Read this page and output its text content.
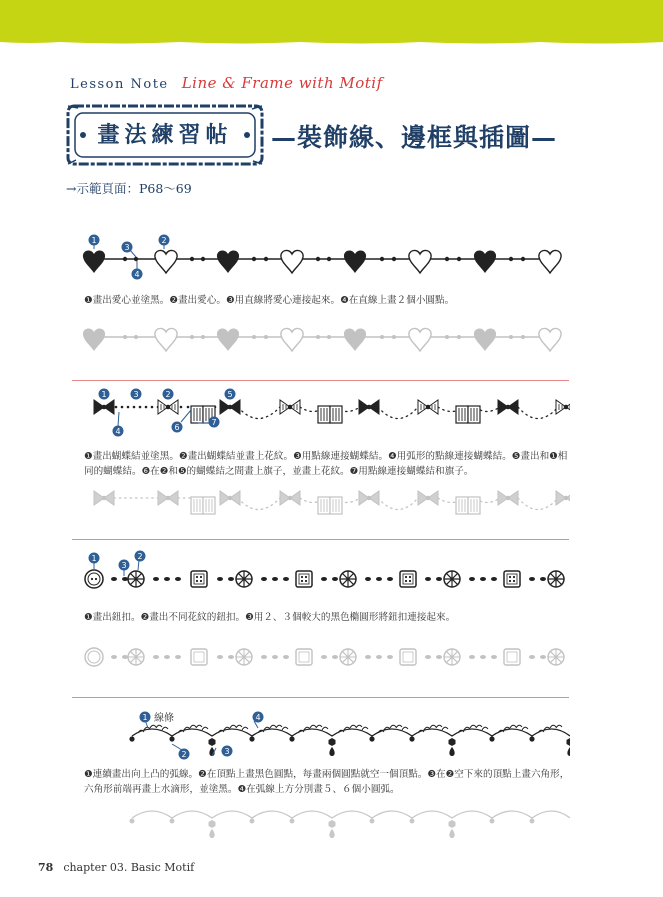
Lesson Note Line & Frame with Motif
畫法練習帖	—裝飾線、邊框與插圖—
→示範頁面：P68～69
1	2
3
4
❶畫出愛心並塗黑。❷畫出愛心。❸用直線將愛心連接起來。❹在直線上畫２個小圓點。
1	3	2	5
4	6
7
❶畫出蝴蝶結並塗黑。❷畫出蝴蝶結並畫上花紋。❸用點線連接蝴蝶結。❹用弧形的點線連接蝴蝶結。❺畫出和❶相同的蝴蝶結。❻在❷和❺的蝴蝶結之間畫上旗子，並畫上花紋。❼用點線連接蝴蝶結和旗子。
1
3
2
❶畫出鈕扣。❷畫出不同花紋的鈕扣。❸用２、３個較大的黑色橢圓形將鈕扣連接起來。
1 線條	4
2	3
❶連續畫出向上凸的弧線。❷在頂點上畫黑色圓點，每畫兩個圓點就空一個頂點。❸在❷空下來的頂點上畫六角形，六角形前端再畫上水滴形，並塗黑。❹在弧線上方分別畫５、６個小圓弧。
78 chapter 03. Basic Motif
